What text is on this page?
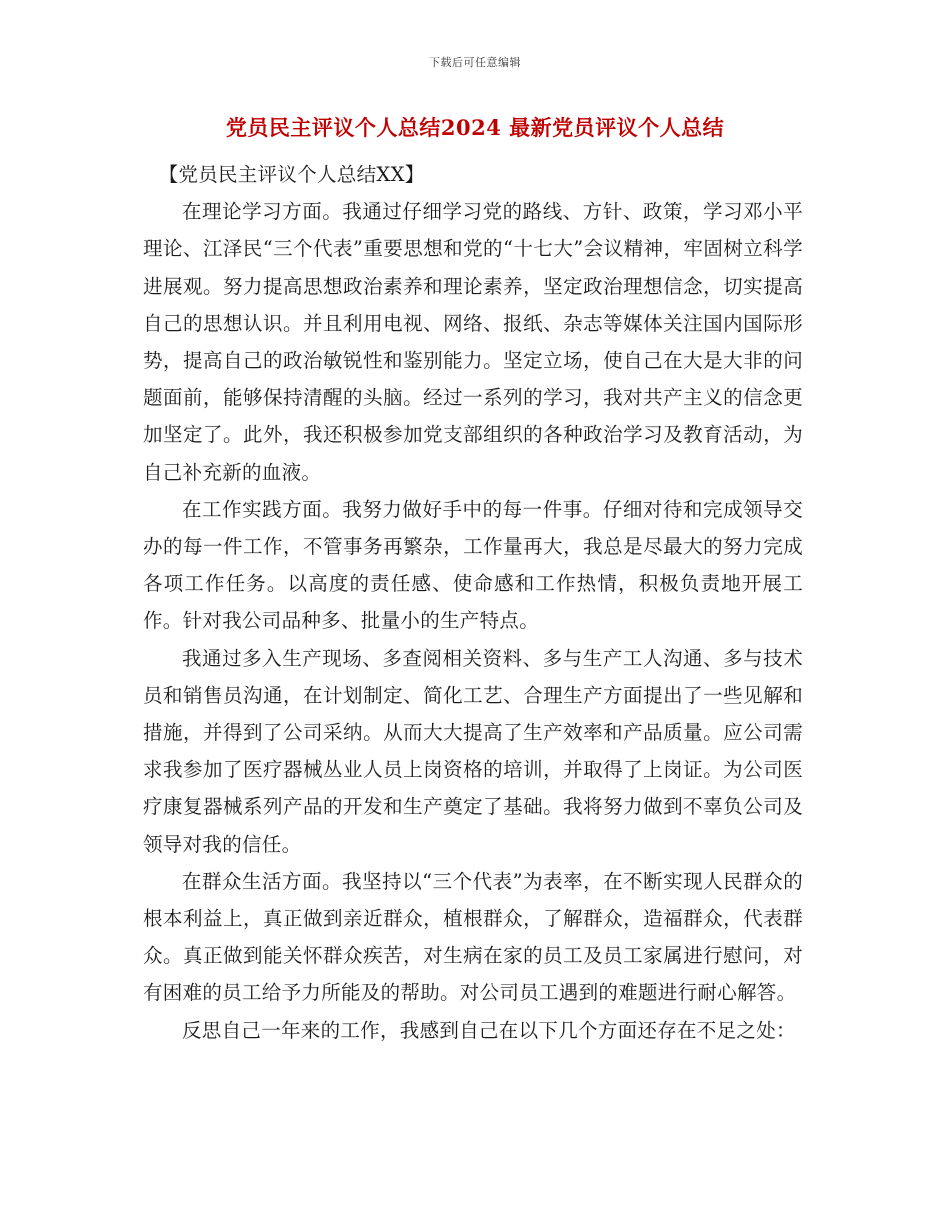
下载后可任意编辑
党员民主评议个人总结2024 最新党员评议个人总结

【党员民主评议个人总结XX】

在理论学习方面。我通过仔细学习党的路线、方针、政策，学习邓小平理论、江泽民“三个代表”重要思想和党的“十七大”会议精神，牢固树立科学进展观。努力提高思想政治素养和理论素养，坚定政治理想信念，切实提高自己的思想认识。并且利用电视、网络、报纸、杂志等媒体关注国内国际形势，提高自己的政治敏锐性和鉴别能力。坚定立场，使自己在大是大非的问题面前，能够保持清醒的头脑。经过一系列的学习，我对共产主义的信念更加坚定了。此外，我还积极参加党支部组织的各种政治学习及教育活动，为自己补充新的血液。

在工作实践方面。我努力做好手中的每一件事。仔细对待和完成领导交办的每一件工作，不管事务再繁杂，工作量再大，我总是尽最大的努力完成各项工作任务。以高度的责任感、使命感和工作热情，积极负责地开展工作。针对我公司品种多、批量小的生产特点。

我通过多入生产现场、多查阅相关资料、多与生产工人沟通、多与技术员和销售员沟通，在计划制定、简化工艺、合理生产方面提出了一些见解和措施，并得到了公司采纳。从而大大提高了生产效率和产品质量。应公司需求我参加了医疗器械丛业人员上岗资格的培训，并取得了上岗证。为公司医疗康复器械系列产品的开发和生产奠定了基础。我将努力做到不辜负公司及领导对我的信任。

在群众生活方面。我坚持以“三个代表”为表率，在不断实现人民群众的根本利益上，真正做到亲近群众，植根群众，了解群众，造福群众，代表群众。真正做到能关怀群众疾苦，对生病在家的员工及员工家属进行慰问，对有困难的员工给予力所能及的帮助。对公司员工遇到的难题进行耐心解答。

反思自己一年来的工作，我感到自己在以下几个方面还存在不足之处：
